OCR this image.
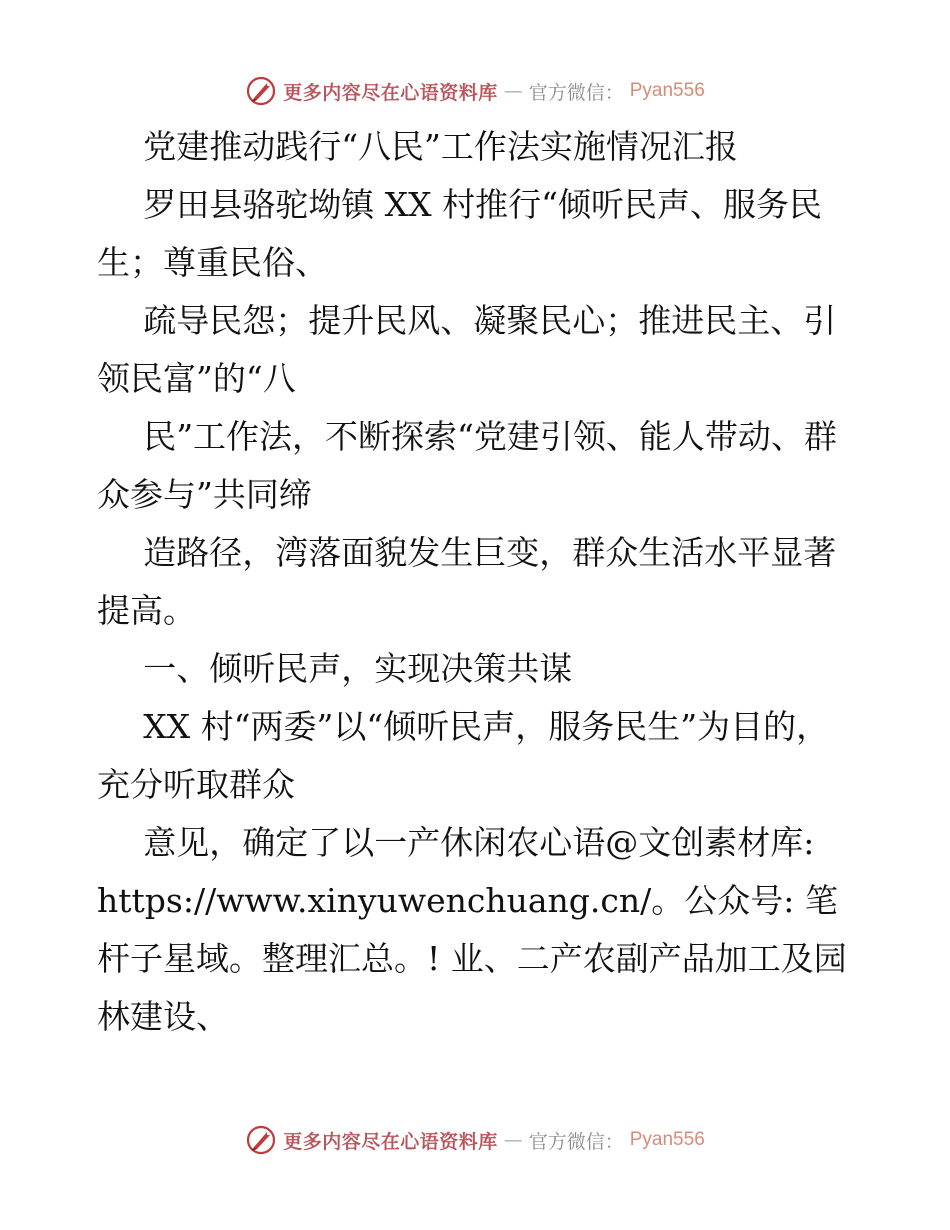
更多内容尽在心语资料库 — 官方微信： Pyan556

党建推动践行“八民”工作法实施情况汇报

罗田县骆驼坳镇 XX 村推行“倾听民声、服务民生；尊重民俗、

疏导民怨；提升民风、凝聚民心；推进民主、引领民富”的“八

民”工作法，不断探索“党建引领、能人带动、群众参与”共同缔

造路径，湾落面貌发生巨变，群众生活水平显著提高。

一、倾听民声，实现决策共谋

XX 村“两委”以“倾听民声，服务民生”为目的，充分听取群众

意见，确定了以一产休闲农心语@文创素材库: https://www.xinyuwenchuang.cn/。公众号: 笔杆子星域。整理汇总。! 业、二产农副产品加工及园林建设、

更多内容尽在心语资料库 — 官方微信： Pyan556
